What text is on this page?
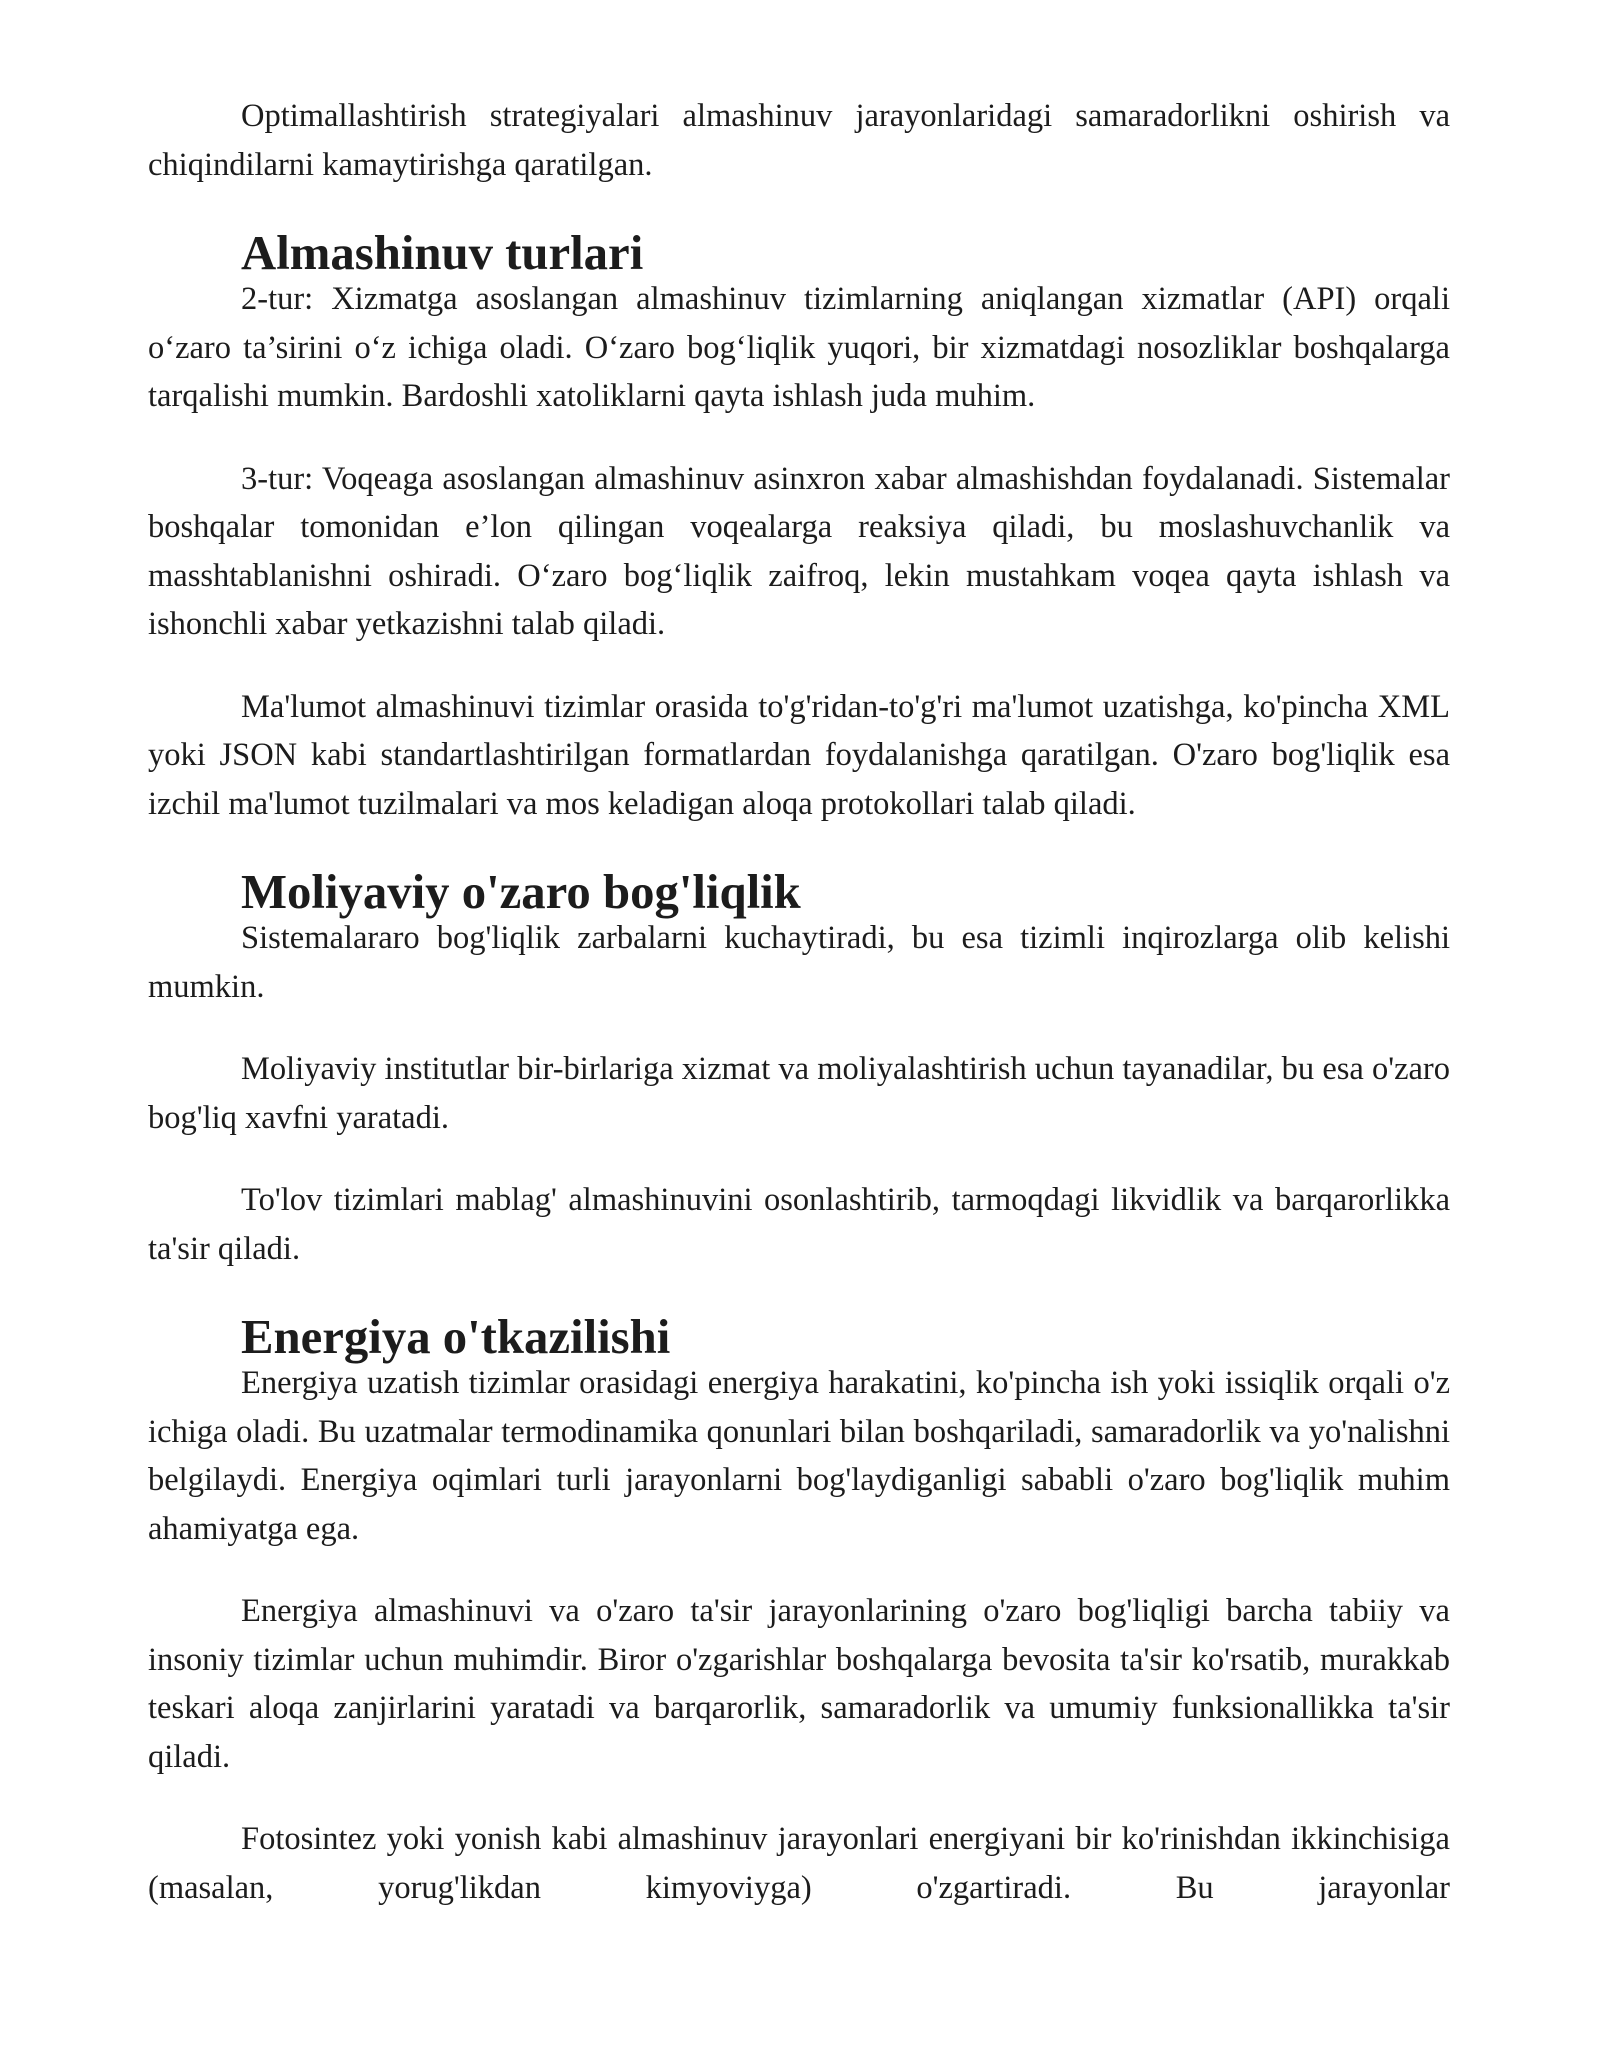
Optimallashtirish strategiyalari almashinuv jarayonlaridagi samaradorlikni oshirish va chiqindilarni kamaytirishga qaratilgan.

Almashinuv turlari

2-tur: Xizmatga asoslangan almashinuv tizimlarning aniqlangan xizmatlar (API) orqali o‘zaro ta’sirini o‘z ichiga oladi. O‘zaro bog‘liqlik yuqori, bir xizmatdagi nosozliklar boshqalarga tarqalishi mumkin. Bardoshli xatoliklarni qayta ishlash juda muhim.

3-tur: Voqeaga asoslangan almashinuv asinxron xabar almashishdan foydalanadi. Sistemalar boshqalar tomonidan e’lon qilingan voqealarga reaksiya qiladi, bu moslashuvchanlik va masshtablanishni oshiradi. O‘zaro bog‘liqlik zaifroq, lekin mustahkam voqea qayta ishlash va ishonchli xabar yetkazishni talab qiladi.

Ma'lumot almashinuvi tizimlar orasida to'g'ridan-to'g'ri ma'lumot uzatishga, ko'pincha XML yoki JSON kabi standartlashtirilgan formatlardan foydalanishga qaratilgan. O'zaro bog'liqlik esa izchil ma'lumot tuzilmalari va mos keladigan aloqa protokollari talab qiladi.

Moliyaviy o'zaro bog'liqlik

Sistemalararo bog'liqlik zarbalarni kuchaytiradi, bu esa tizimli inqirozlarga olib kelishi mumkin.

Moliyaviy institutlar bir-birlariga xizmat va moliyalashtirish uchun tayanadilar, bu esa o'zaro bog'liq xavfni yaratadi.

To'lov tizimlari mablag' almashinuvini osonlashtirib, tarmoqdagi likvidlik va barqarorlikka ta'sir qiladi.

Energiya o'tkazilishi

Energiya uzatish tizimlar orasidagi energiya harakatini, ko'pincha ish yoki issiqlik orqali o'z ichiga oladi. Bu uzatmalar termodinamika qonunlari bilan boshqariladi, samaradorlik va yo'nalishni belgilaydi. Energiya oqimlari turli jarayonlarni bog'laydiganligi sababli o'zaro bog'liqlik muhim ahamiyatga ega.

Energiya almashinuvi va o'zaro ta'sir jarayonlarining o'zaro bog'liqligi barcha tabiiy va insoniy tizimlar uchun muhimdir. Biror o'zgarishlar boshqalarga bevosita ta'sir ko'rsatib, murakkab teskari aloqa zanjirlarini yaratadi va barqarorlik, samaradorlik va umumiy funksionallikka ta'sir qiladi.

Fotosintez yoki yonish kabi almashinuv jarayonlari energiyani bir ko'rinishdan ikkinchisiga (masalan, yorug'likdan kimyoviyga) o'zgartiradi. Bu jarayonlar
